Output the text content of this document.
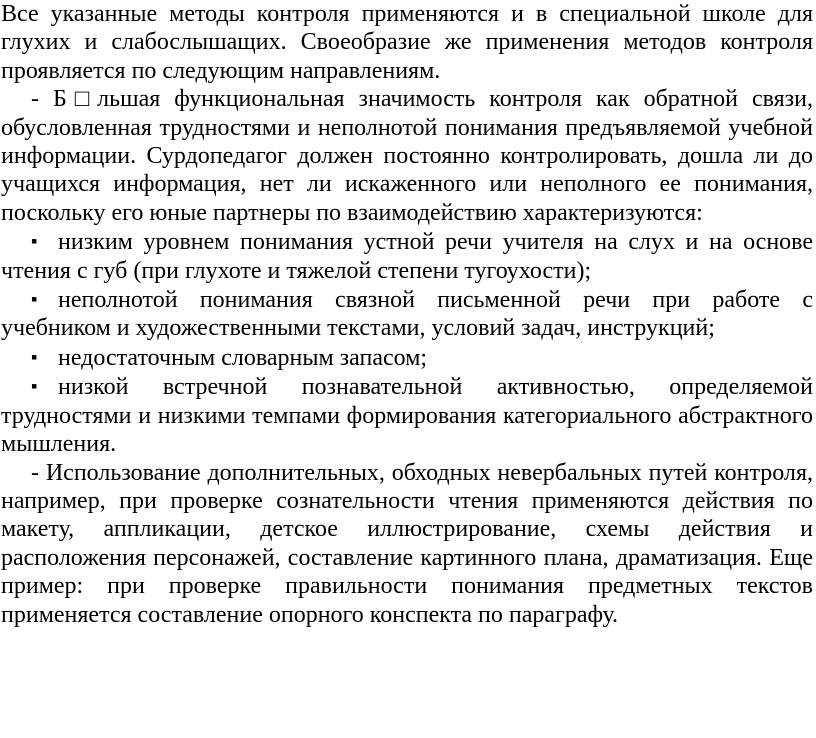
Все указанные методы контроля применяются и в специальной школе для глухих и слабослышащих. Своеобразие же применения методов контроля проявляется по следующим направлениям.

- Б□льшая функциональная значимость контроля как обратной связи, обусловленная трудностями и неполнотой понимания предъявляемой учебной информации. Сурдопедагог должен постоянно контролировать, дошла ли до учащихся информация, нет ли искаженного или неполного ее понимания, поскольку его юные партнеры по взаимодействию характеризуются:

▪ низким уровнем понимания устной речи учителя на слух и на основе чтения с губ (при глухоте и тяжелой степени тугоухости);

▪ неполнотой понимания связной письменной речи при работе с учебником и художественными текстами, условий задач, инструкций;

▪ недостаточным словарным запасом;

▪ низкой встречной познавательной активностью, определяемой трудностями и низкими темпами формирования категориального абстрактного мышления.

- Использование дополнительных, обходных невербальных путей контроля, например, при проверке сознательности чтения применяются действия по макету, аппликации, детское иллюстрирование, схемы действия и расположения персонажей, составление картинного плана, драматизация. Еще пример: при проверке правильности понимания предметных текстов применяется составление опорного конспекта по параграфу.
